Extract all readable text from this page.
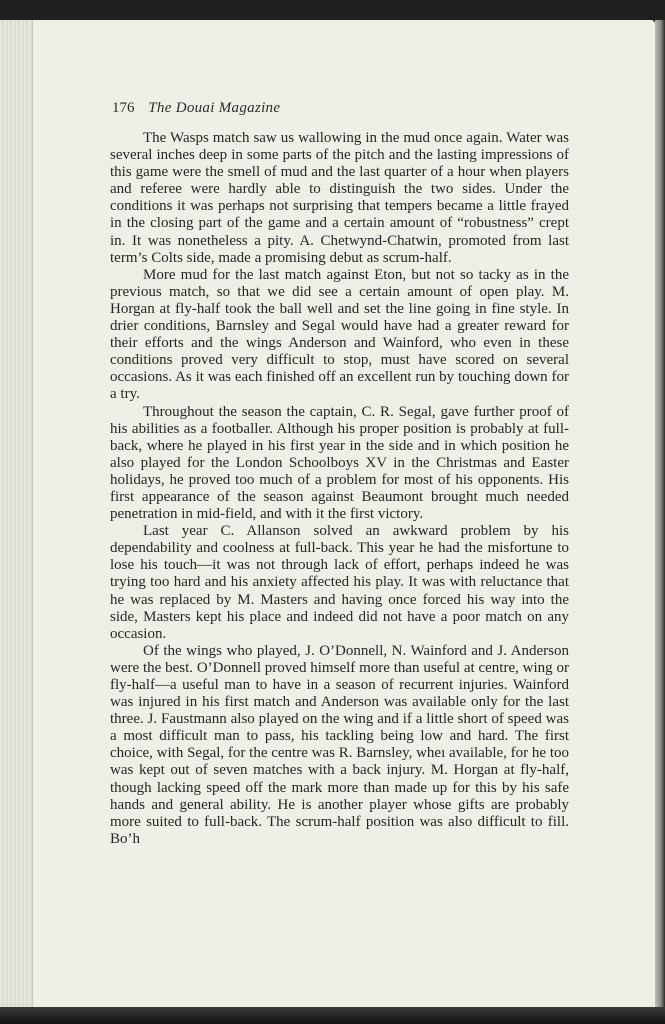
176 The Douai Magazine

The Wasps match saw us wallowing in the mud once again. Water was several inches deep in some parts of the pitch and the lasting impressions of this game were the smell of mud and the last quarter of a hour when players and referee were hardly able to distinguish the two sides. Under the conditions it was perhaps not surprising that tempers became a little frayed in the closing part of the game and a certain amount of “robustness” crept in. It was nonetheless a pity. A. Chetwynd-Chatwin, promoted from last term’s Colts side, made a promising debut as scrum-half.

More mud for the last match against Eton, but not so tacky as in the previous match, so that we did see a certain amount of open play. M. Horgan at fly-half took the ball well and set the line going in fine style. In drier conditions, Barnsley and Segal would have had a greater reward for their efforts and the wings Anderson and Wainford, who even in these conditions proved very difficult to stop, must have scored on several occasions. As it was each finished off an excellent run by touching down for a try.

Throughout the season the captain, C. R. Segal, gave further proof of his abilities as a footballer. Although his proper position is probably at full-back, where he played in his first year in the side and in which position he also played for the London Schoolboys XV in the Christmas and Easter holidays, he proved too much of a problem for most of his opponents. His first appearance of the season against Beaumont brought much needed penetration in mid-field, and with it the first victory.

Last year C. Allanson solved an awkward problem by his dependability and coolness at full-back. This year he had the misfortune to lose his touch—it was not through lack of effort, perhaps indeed he was trying too hard and his anxiety affected his play. It was with reluctance that he was replaced by M. Masters and having once forced his way into the side, Masters kept his place and indeed did not have a poor match on any occasion.

Of the wings who played, J. O’Donnell, N. Wainford and J. Anderson were the best. O’Donnell proved himself more than useful at centre, wing or fly-half—a useful man to have in a season of recurrent injuries. Wainford was injured in his first match and Anderson was available only for the last three. J. Faustmann also played on the wing and if a little short of speed was a most difficult man to pass, his tackling being low and hard. The first choice, with Segal, for the centre was R. Barnsley, wheı available, for he too was kept out of seven matches with a back injury. M. Horgan at fly-half, though lacking speed off the mark more than made up for this by his safe hands and general ability. He is another player whose gifts are probably more suited to full-back. The scrum-half position was also difficult to fill. Bo’h
